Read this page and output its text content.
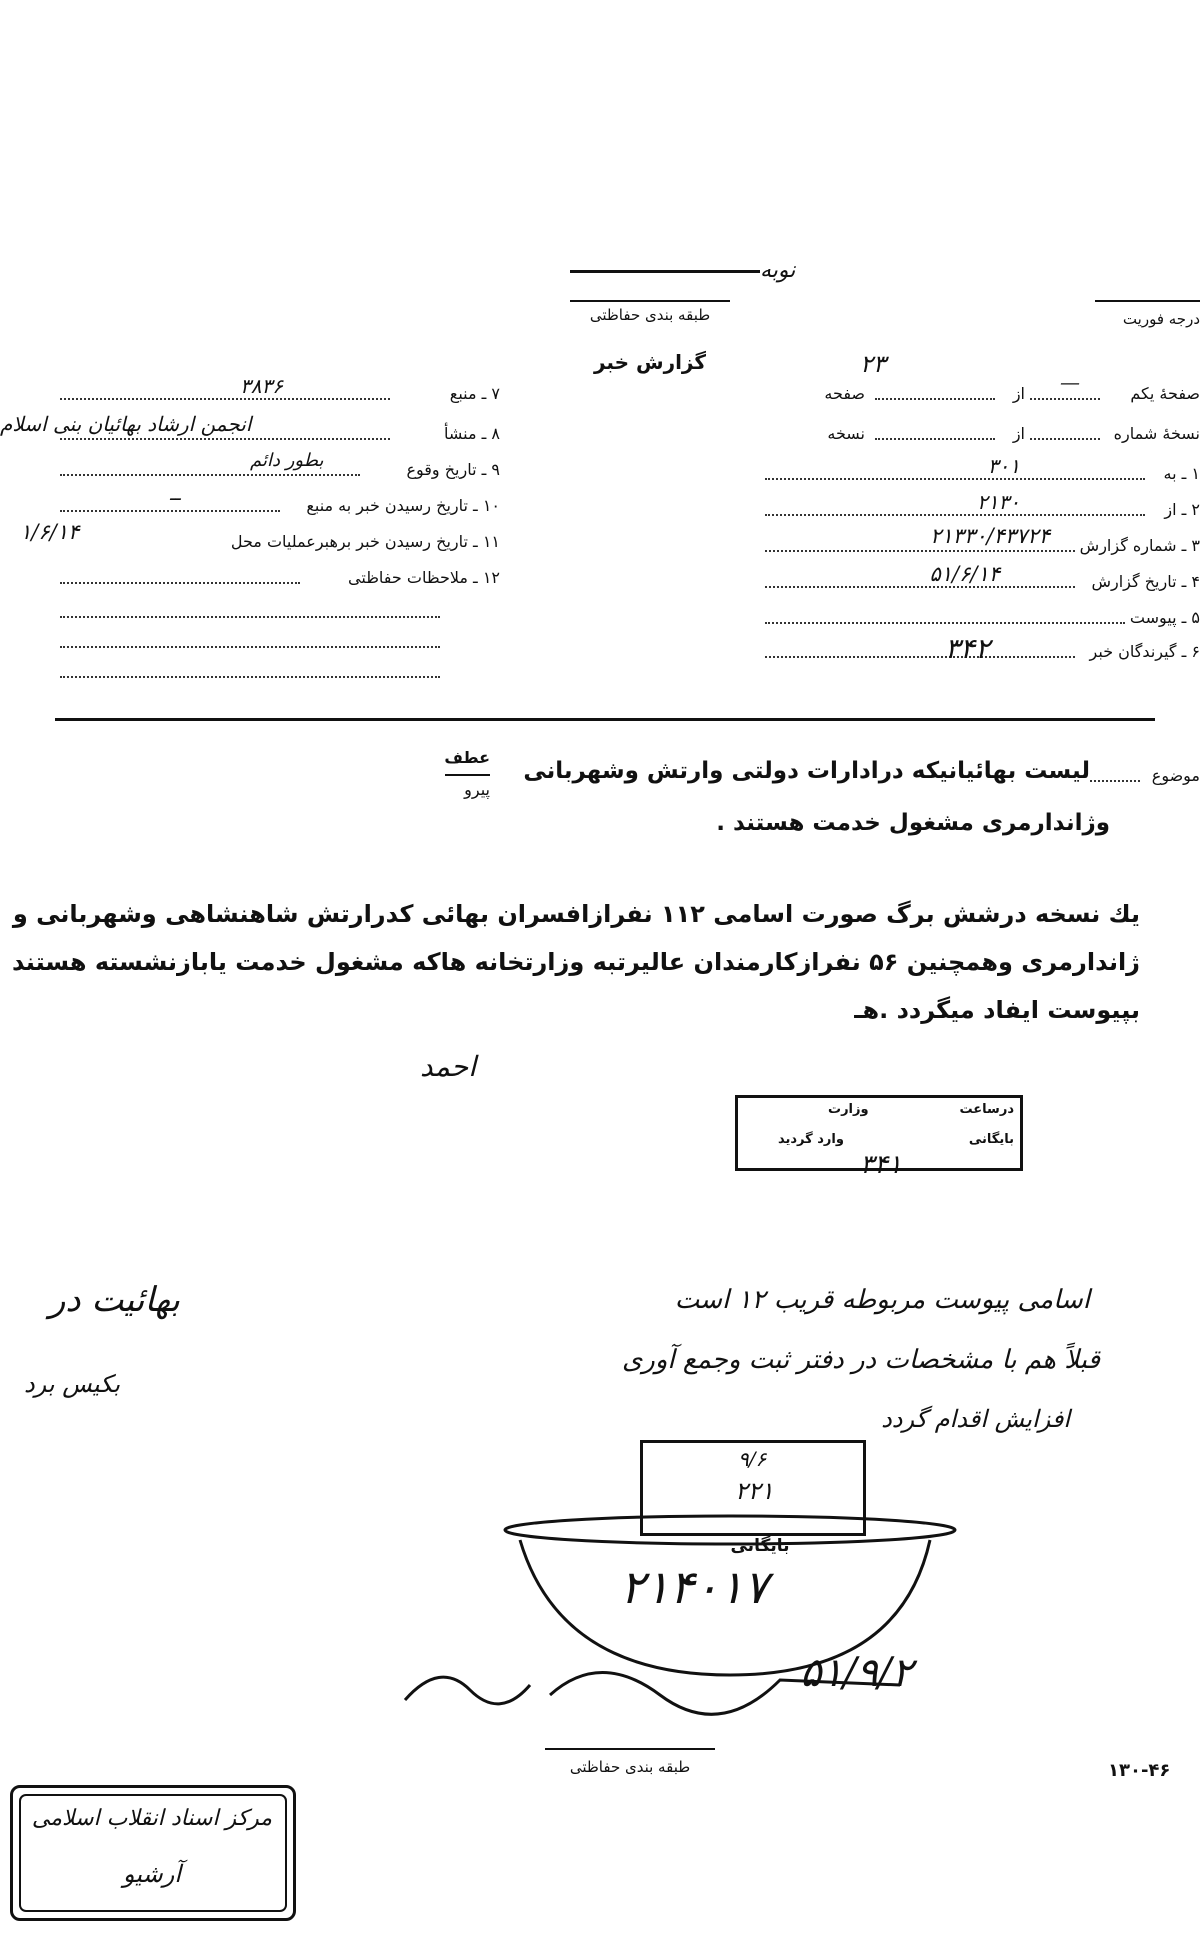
نوبه
طبقه بندی حفاظتی
گزارش خبر
درجه فوریت
۲۳
صفحهٔ یکم
از
صفحه	—
نسخهٔ شماره
از
نسخه
۱ ـ به
۳۰۱
۲ ـ از
۲۱۳۰
۳ ـ شماره گزارش
۲۱۳۳۰/۴۳۷۲۴
۴ ـ تاریخ گزارش
۵۱/۶/۱۴
۵ ـ پیوست
۶ ـ گیرندگان خبر
۳۴۲
۷ ـ منبع
۳۸۳۶
۸ ـ منشأ
انجمن ارشاد بهائیان بنی اسلام
۹ ـ تاریخ وقوع
بطور دائم
۱۰ ـ تاریخ رسیدن خبر به منبع
ــ
۱۱ ـ تاریخ رسیدن خبر برهبرعملیات محل
۱/۶/۱۴
۱۲ ـ ملاحظات حفاظتی
موضوع
لیست بهائیانیکه درادارات دولتی وارتش وشهربانی
وژاندارمری مشغول خدمت هستند .
عطف
پیرو
یك نسخه درشش برگ صورت اسامی ۱۱۲ نفرازافسران بهائی کدرارتش شاهنشاهی وشهربانی و
ژاندارمری وهمچنین ۵۶ نفرازکارمندان عالیرتبه وزارتخانه هاکه مشغول خدمت یابازنشسته هستند
بپیوست ایفاد میگردد .هـ
احمد
درساعت
وزارت
بایگانی
وارد گردید
۳۴۱
بهائیت در
بکیس برد
اسامی پیوست مربوطه قریب ۱۲ است
قبلاً هم با مشخصات در دفتر ثبت وجمع آوری
افزایش اقدام گردد
۹/۶
۲۲۱
بایگانی
۲۱۴۰۱۷
۵۱/۹/۲
طبقه بندی حفاظتی	۱۳۰-۴۶
مرکز اسناد انقلاب اسلامی
آرشیو
